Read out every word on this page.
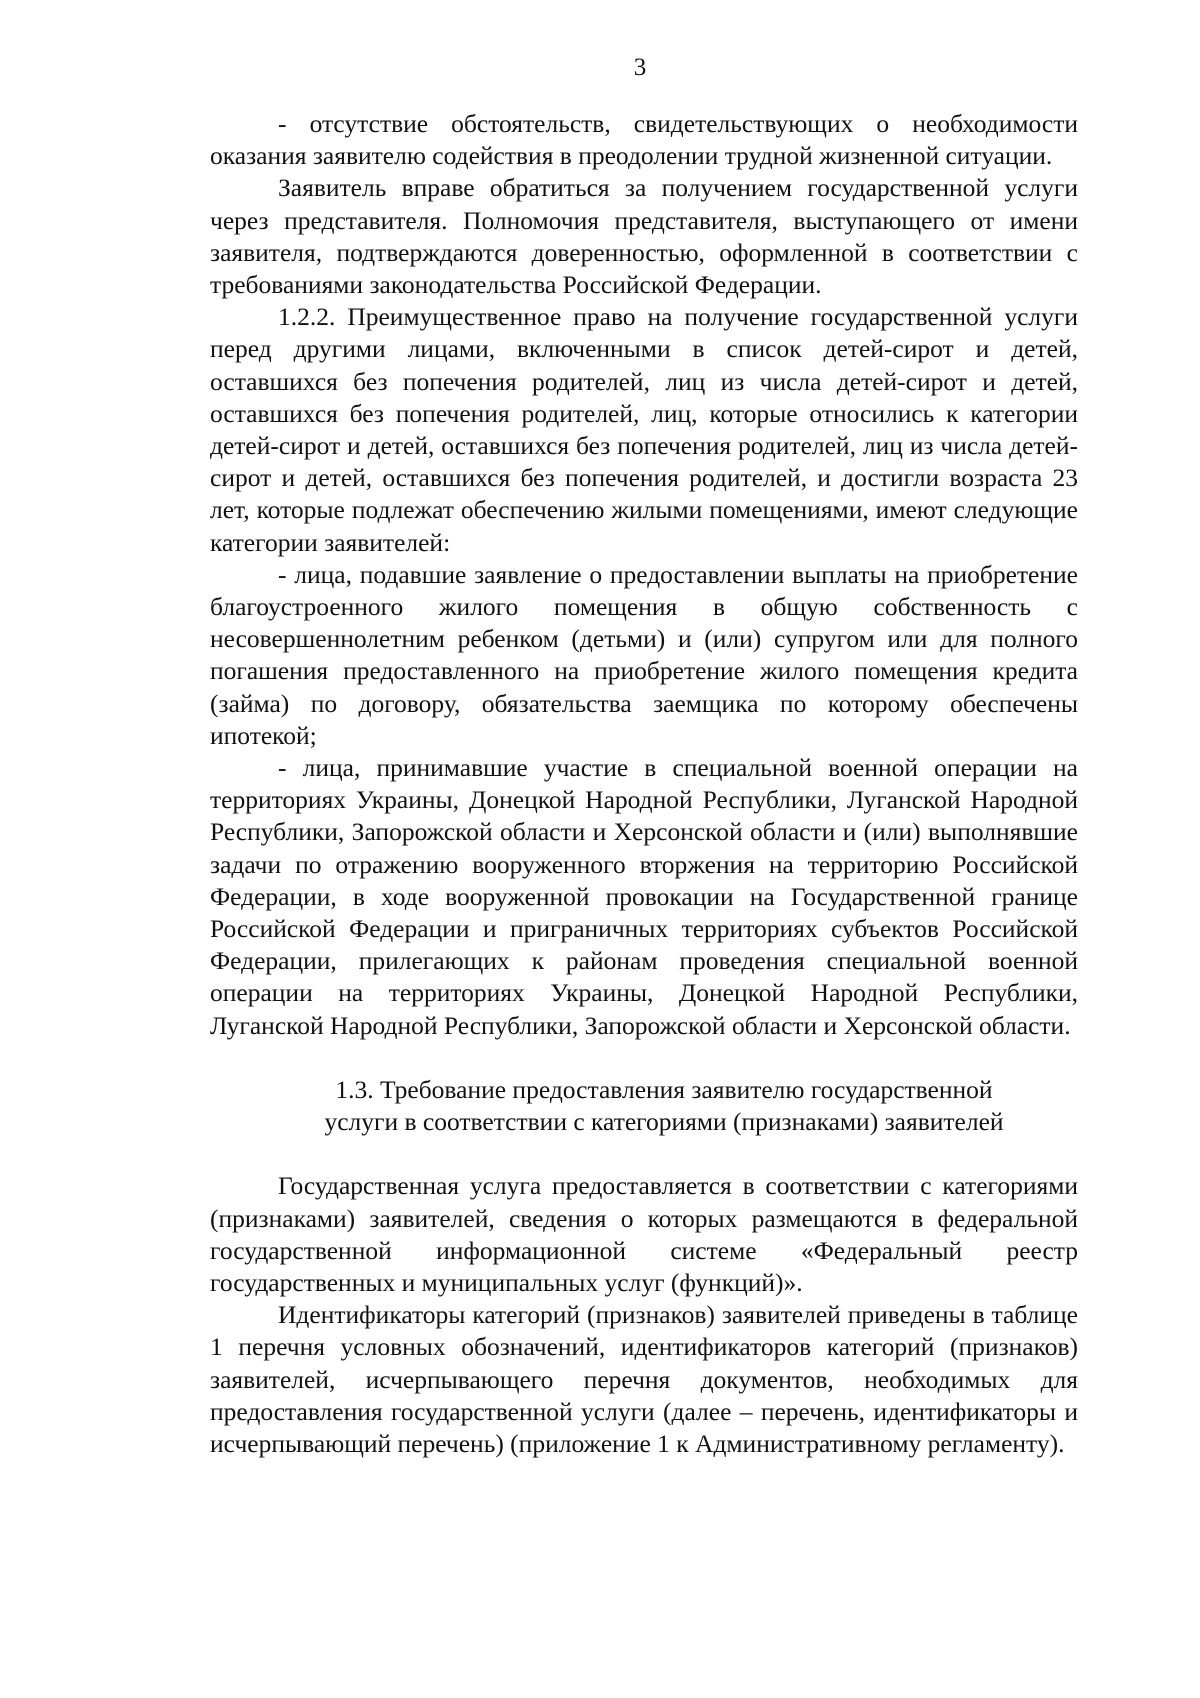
3

- отсутствие обстоятельств, свидетельствующих о необходимости оказания заявителю содействия в преодолении трудной жизненной ситуации.

Заявитель вправе обратиться за получением государственной услуги через представителя. Полномочия представителя, выступающего от имени заявителя, подтверждаются доверенностью, оформленной в соответствии с требованиями законодательства Российской Федерации.

1.2.2. Преимущественное право на получение государственной услуги перед другими лицами, включенными в список детей-сирот и детей, оставшихся без попечения родителей, лиц из числа детей-сирот и детей, оставшихся без попечения родителей, лиц, которые относились к категории детей-сирот и детей, оставшихся без попечения родителей, лиц из числа детей-сирот и детей, оставшихся без попечения родителей, и достигли возраста 23 лет, которые подлежат обеспечению жилыми помещениями, имеют следующие категории заявителей:

- лица, подавшие заявление о предоставлении выплаты на приобретение благоустроенного жилого помещения в общую собственность с несовершеннолетним ребенком (детьми) и (или) супругом или для полного погашения предоставленного на приобретение жилого помещения кредита (займа) по договору, обязательства заемщика по которому обеспечены ипотекой;

- лица, принимавшие участие в специальной военной операции на территориях Украины, Донецкой Народной Республики, Луганской Народной Республики, Запорожской области и Херсонской области и (или) выполнявшие задачи по отражению вооруженного вторжения на территорию Российской Федерации, в ходе вооруженной провокации на Государственной границе Российской Федерации и приграничных территориях субъектов Российской Федерации, прилегающих к районам проведения специальной военной операции на территориях Украины, Донецкой Народной Республики, Луганской Народной Республики, Запорожской области и Херсонской области.

1.3. Требование предоставления заявителю государственной
услуги в соответствии с категориями (признаками) заявителей

Государственная услуга предоставляется в соответствии с категориями (признаками) заявителей, сведения о которых размещаются в федеральной государственной информационной системе «Федеральный реестр государственных и муниципальных услуг (функций)».

Идентификаторы категорий (признаков) заявителей приведены в таблице 1 перечня условных обозначений, идентификаторов категорий (признаков) заявителей, исчерпывающего перечня документов, необходимых для предоставления государственной услуги (далее – перечень, идентификаторы и исчерпывающий перечень) (приложение 1 к Административному регламенту).
